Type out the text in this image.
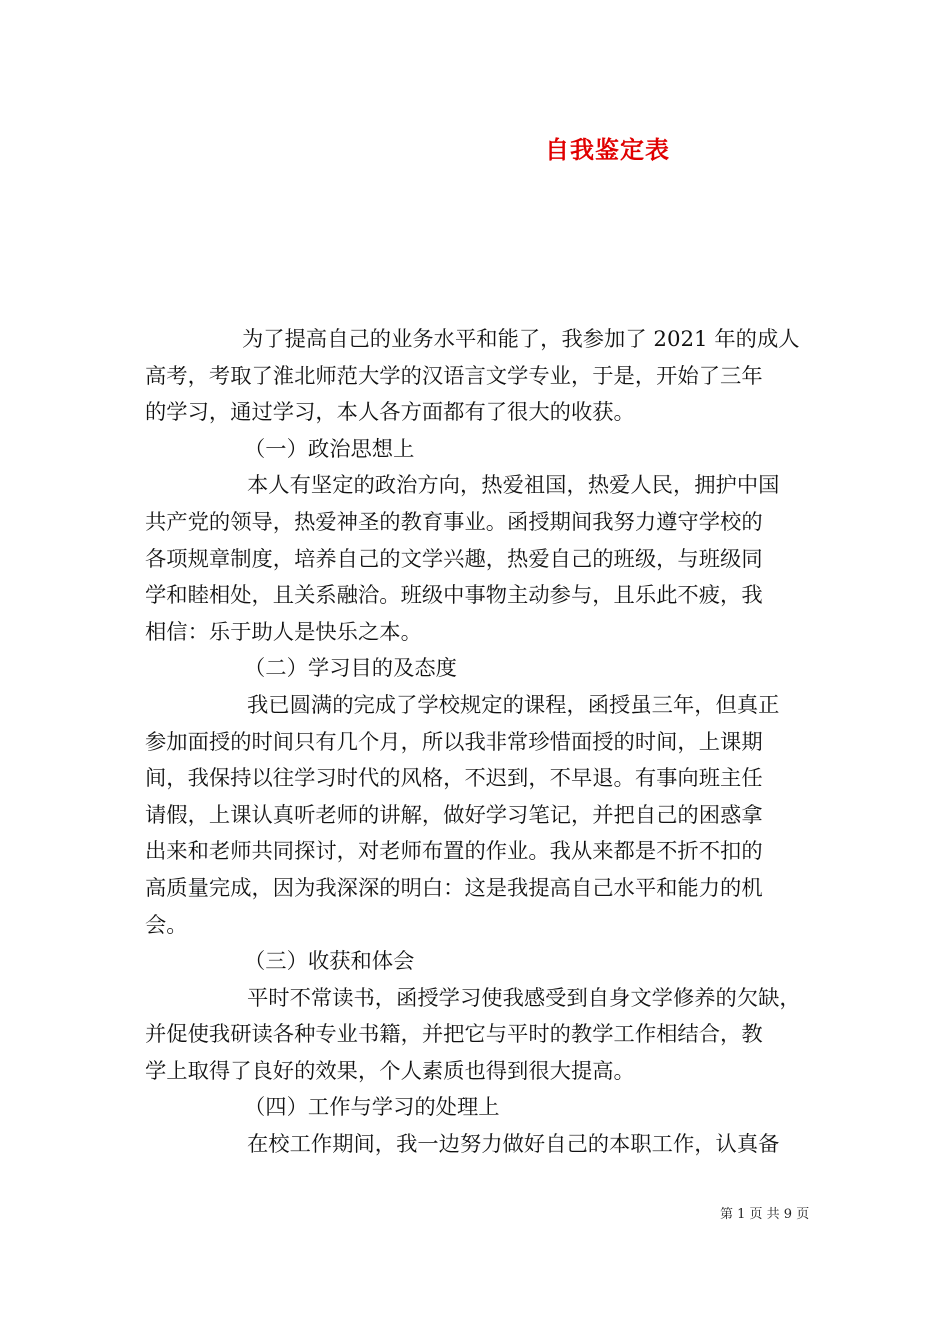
自我鉴定表
为了提高自己的业务水平和能了，我参加了 2021 年的成人
高考，考取了淮北师范大学的汉语言文学专业，于是，开始了三年
的学习，通过学习，本人各方面都有了很大的收获。
（一）政治思想上
本人有坚定的政治方向，热爱祖国，热爱人民，拥护中国
共产党的领导，热爱神圣的教育事业。函授期间我努力遵守学校的
各项规章制度，培养自己的文学兴趣，热爱自己的班级，与班级同
学和睦相处，且关系融洽。班级中事物主动参与，且乐此不疲，我
相信：乐于助人是快乐之本。
（二）学习目的及态度
我已圆满的完成了学校规定的课程，函授虽三年，但真正
参加面授的时间只有几个月，所以我非常珍惜面授的时间，上课期
间，我保持以往学习时代的风格，不迟到，不早退。有事向班主任
请假，上课认真听老师的讲解，做好学习笔记，并把自己的困惑拿
出来和老师共同探讨，对老师布置的作业。我从来都是不折不扣的
高质量完成，因为我深深的明白：这是我提高自己水平和能力的机
会。
（三）收获和体会
平时不常读书，函授学习使我感受到自身文学修养的欠缺，
并促使我研读各种专业书籍，并把它与平时的教学工作相结合，教
学上取得了良好的效果，个人素质也得到很大提高。
（四）工作与学习的处理上
在校工作期间，我一边努力做好自己的本职工作，认真备
第 1 页 共 9 页
